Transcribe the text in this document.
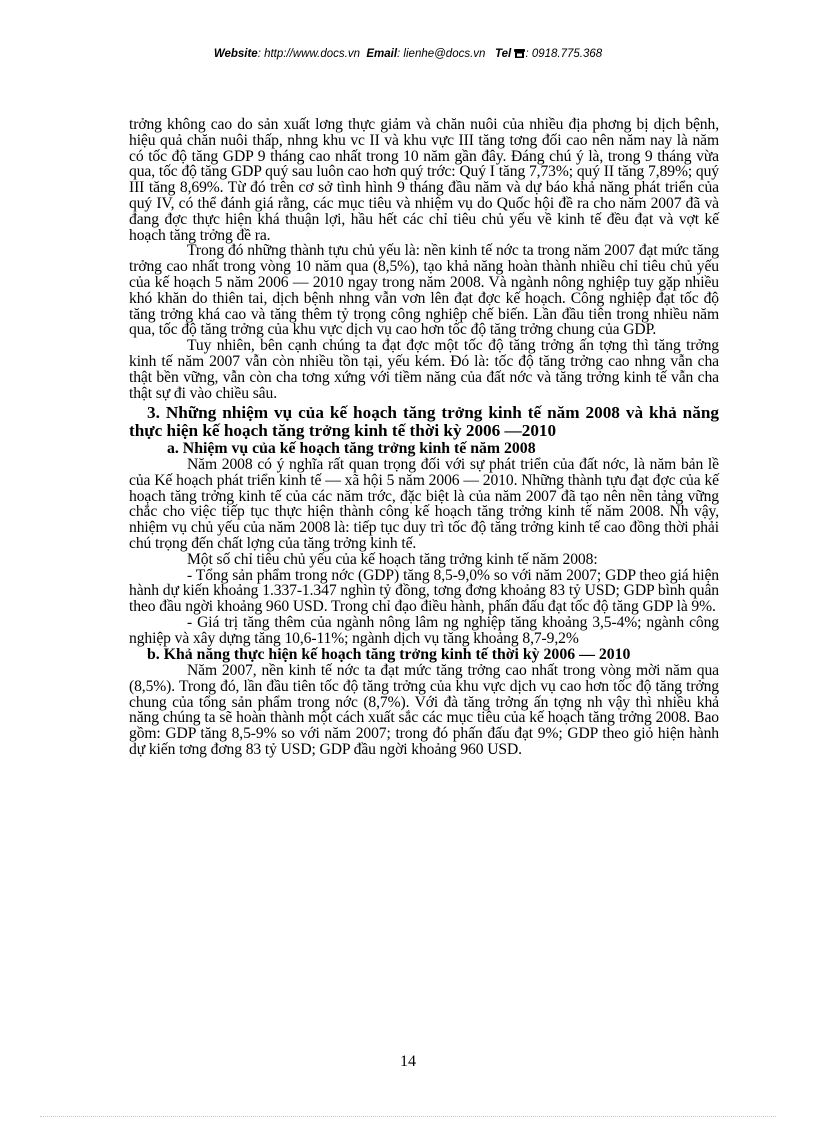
Website: http://www.docs.vn Email: lienhe@docs.vn Tel : 0918.775.368

trởng không cao do sản xuất lơng thực giảm và chăn nuôi của nhiều địa phơng bị dịch bệnh, hiệu quả chăn nuôi thấp, nhng khu vc II và khu vực III tăng tơng đối cao nên năm nay là năm có tốc độ tăng GDP 9 tháng cao nhất trong 10 năm gần đây. Đáng chú ý là, trong 9 tháng vừa qua, tốc độ tăng GDP quý sau luôn cao hơn quý trớc: Quý I tăng 7,73%; quý II tăng 7,89%; quý III tăng 8,69%. Từ đó trên cơ sở tình hình 9 tháng đầu năm và dự báo khả năng phát triển của quý IV, có thể đánh giá rằng, các mục tiêu và nhiệm vụ do Quốc hội đề ra cho năm 2007 đã và đang đợc thực hiện khá thuận lợi, hầu hết các chỉ tiêu chủ yếu về kinh tế đều đạt và vợt kế hoạch tăng trởng đề ra.

Trong đó những thành tựu chủ yếu là: nền kinh tế nớc ta trong năm 2007 đạt mức tăng trởng cao nhất trong vòng 10 năm qua (8,5%), tạo khả năng hoàn thành nhiều chỉ tiêu chủ yếu của kế hoạch 5 năm 2006 — 2010 ngay trong năm 2008. Và ngành nông nghiệp tuy gặp nhiều khó khăn do thiên tai, dịch bệnh nhng vẫn vơn lên đạt đợc kế hoạch. Công nghiệp đạt tốc độ tăng trởng khá cao và tăng thêm tỷ trọng công nghiệp chế biến. Lần đầu tiên trong nhiều năm qua, tốc độ tăng trởng của khu vực dịch vụ cao hơn tốc độ tăng trởng chung của GDP.

Tuy nhiên, bên cạnh chúng ta đạt đợc một tốc độ tăng trởng ấn tợng thì tăng trởng kinh tế năm 2007 vẫn còn nhiều tồn tại, yếu kém. Đó là: tốc độ tăng trởng cao nhng vẫn cha thật bền vững, vẫn còn cha tơng xứng với tiềm năng của đất nớc và tăng trởng kinh tế vẫn cha thật sự đi vào chiều sâu.

3. Những nhiệm vụ của kế hoạch tăng trởng kinh tế năm 2008 và khả năng thực hiện kế hoạch tăng trởng kinh tế thời kỳ 2006 —2010
a. Nhiệm vụ của kế hoạch tăng trởng kinh tế năm 2008

Năm 2008 có ý nghĩa rất quan trọng đối với sự phát triển của đất nớc, là năm bản lề của Kế hoạch phát triển kinh tế — xã hội 5 năm 2006 — 2010. Những thành tựu đạt đợc của kế hoạch tăng trởng kinh tế của các năm trớc, đặc biệt là của năm 2007 đã tạo nên nền tảng vững chắc cho việc tiếp tục thực hiện thành công kế hoạch tăng trởng kinh tế năm 2008. Nh vậy, nhiệm vụ chủ yếu của năm 2008 là: tiếp tục duy trì tốc độ tăng trởng kinh tế cao đồng thời phải chú trọng đến chất lợng của tăng trởng kinh tế.

Một số chỉ tiêu chủ yếu của kế hoạch tăng trởng kinh tế năm 2008:

- Tổng sản phẩm trong nớc (GDP) tăng 8,5-9,0% so với năm 2007; GDP theo giá hiện hành dự kiến khoảng 1.337-1.347 nghìn tỷ đồng, tơng đơng khoảng 83 tỷ USD; GDP bình quân theo đầu ngời khoảng 960 USD. Trong chỉ đạo điều hành, phấn đấu đạt tốc độ tăng GDP là 9%.

- Giá trị tăng thêm của ngành nông lâm ng nghiệp tăng khoảng 3,5-4%; ngành công nghiệp và xây dựng tăng 10,6-11%; ngành dịch vụ tăng khoảng 8,7-9,2%

b. Khả năng thực hiện kế hoạch tăng trởng kinh tế thời kỳ 2006 — 2010

Năm 2007, nền kinh tế nớc ta đạt mức tăng trởng cao nhất trong vòng mời năm qua (8,5%). Trong đó, lần đầu tiên tốc độ tăng trởng của khu vực dịch vụ cao hơn tốc độ tăng trởng chung của tổng sản phẩm trong nớc (8,7%). Với đà tăng trởng ấn tợng nh vậy thì nhiều khả năng chúng ta sẽ hoàn thành một cách xuất sắc các mục tiêu của kế hoạch tăng trởng 2008. Bao gồm: GDP tăng 8,5-9% so với năm 2007; trong đó phấn đấu đạt 9%; GDP theo giỏ hiện hành dự kiến tơng đơng 83 tỷ USD; GDP đầu ngời khoảng 960 USD.

14
